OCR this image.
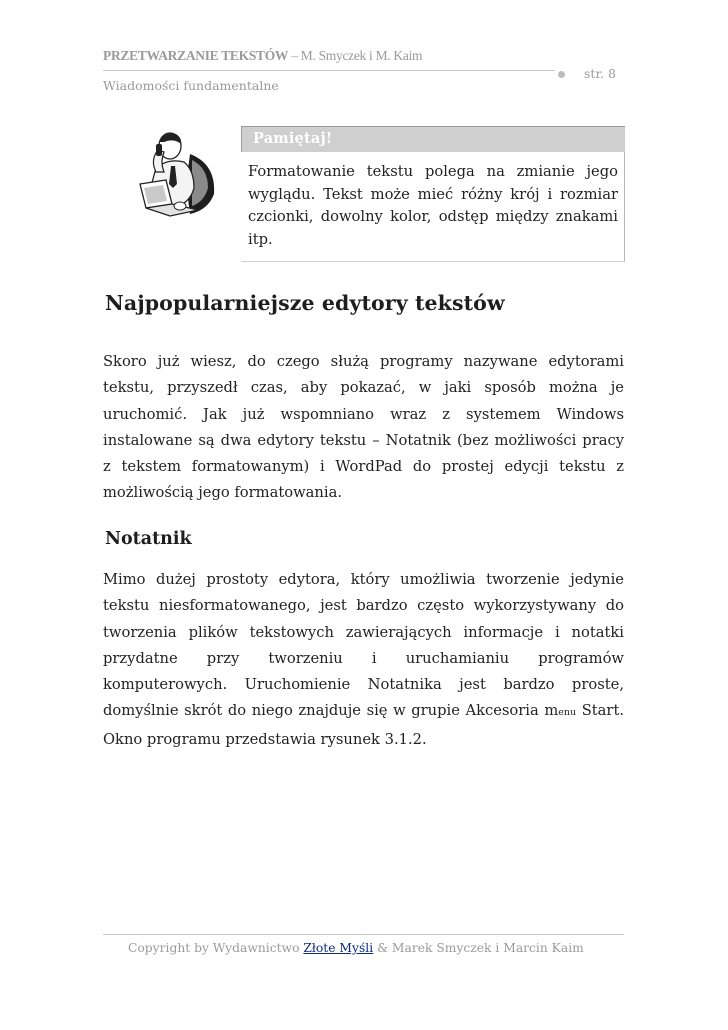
PRZETWARZANIE TEKSTÓW – M. Smyczek i M. Kaim
str. 8
Wiadomości fundamentalne
Pamiętaj!
Formatowanie tekstu polega na zmianie jego wyglądu. Tekst może mieć różny krój i rozmiar czcionki, dowolny kolor, odstęp między znakami itp.
Najpopularniejsze edytory tekstów
Skoro już wiesz, do czego służą programy nazywane edytorami tekstu, przyszedł czas, aby pokazać, w jaki sposób można je uruchomić. Jak już wspomniano wraz z systemem Windows instalowane są dwa edytory tekstu – Notatnik (bez możliwości pracy z tekstem formatowanym) i WordPad do prostej edycji tekstu z możliwością jego formatowania.
Notatnik
Mimo dużej prostoty edytora, który umożliwia tworzenie jedynie tekstu niesformatowanego, jest bardzo często wykorzystywany do tworzenia plików tekstowych zawierających informacje i notatki przydatne przy tworzeniu i uruchamianiu programów komputerowych. Uruchomienie Notatnika jest bardzo proste, domyślnie skrót do niego znajduje się w grupie Akcesoria menu Start. Okno programu przedstawia rysunek 3.1.2.
Copyright by Wydawnictwo Złote Myśli & Marek Smyczek i Marcin Kaim
